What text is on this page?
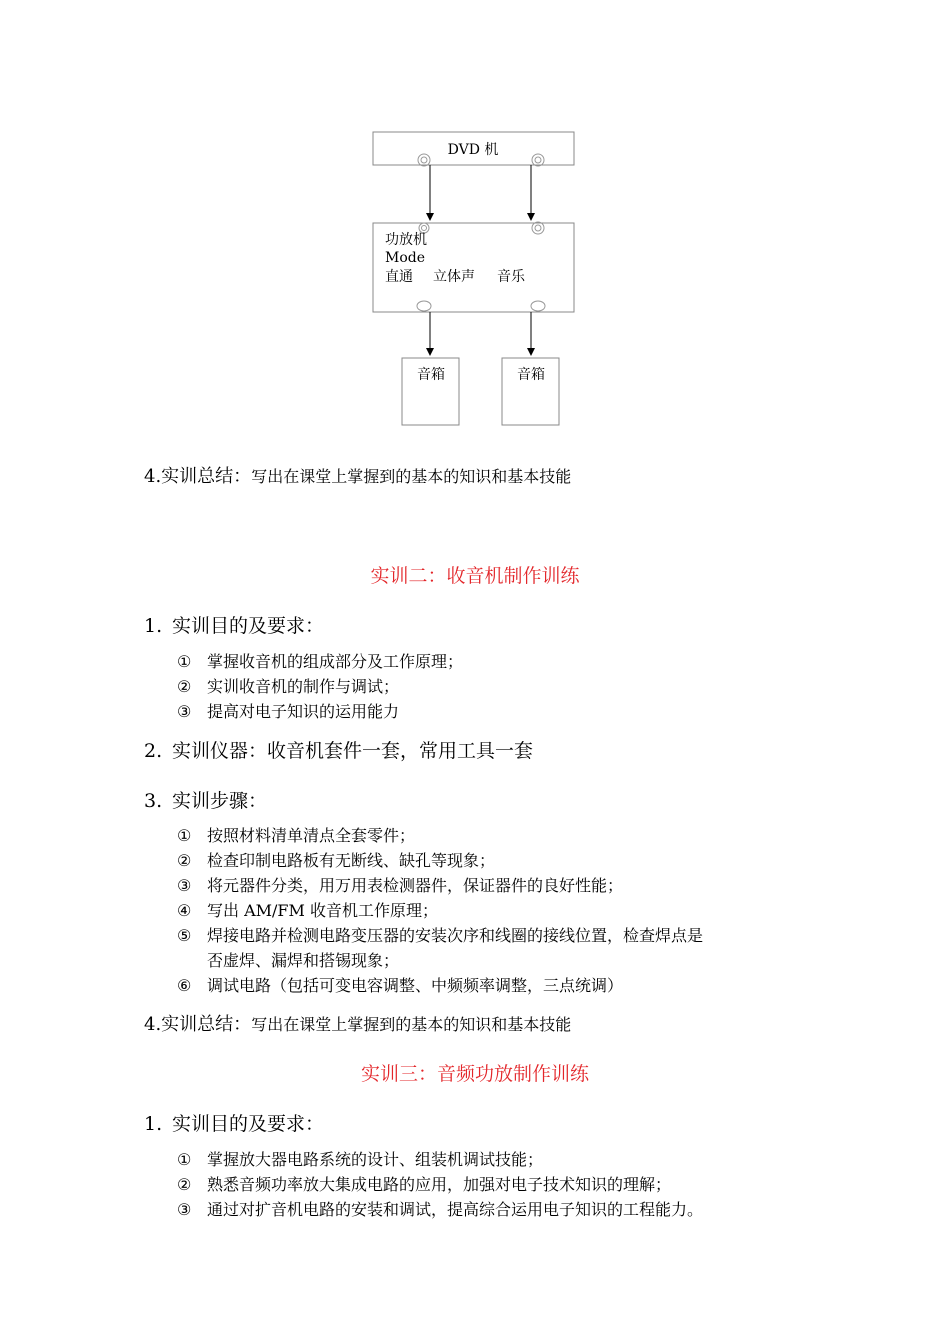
DVD 机
功放机
Mode
直通 立体声 音乐
音箱	音箱
4.实训总结：写出在课堂上掌握到的基本的知识和基本技能
实训二：收音机制作训练
1. 实训目的及要求：
① 掌握收音机的组成部分及工作原理；
② 实训收音机的制作与调试；
③ 提高对电子知识的运用能力
2. 实训仪器：收音机套件一套，常用工具一套
3. 实训步骤：
① 按照材料清单清点全套零件；
② 检查印制电路板有无断线、缺孔等现象；
③ 将元器件分类，用万用表检测器件，保证器件的良好性能；
④ 写出 AM/FM 收音机工作原理；
⑤ 焊接电路并检测电路变压器的安装次序和线圈的接线位置，检查焊点是
否虚焊、漏焊和搭锡现象；
⑥ 调试电路（包括可变电容调整、中频频率调整，三点统调）
4.实训总结：写出在课堂上掌握到的基本的知识和基本技能
实训三：音频功放制作训练
1. 实训目的及要求：
① 掌握放大器电路系统的设计、组装机调试技能；
② 熟悉音频功率放大集成电路的应用，加强对电子技术知识的理解；
③ 通过对扩音机电路的安装和调试，提高综合运用电子知识的工程能力。
